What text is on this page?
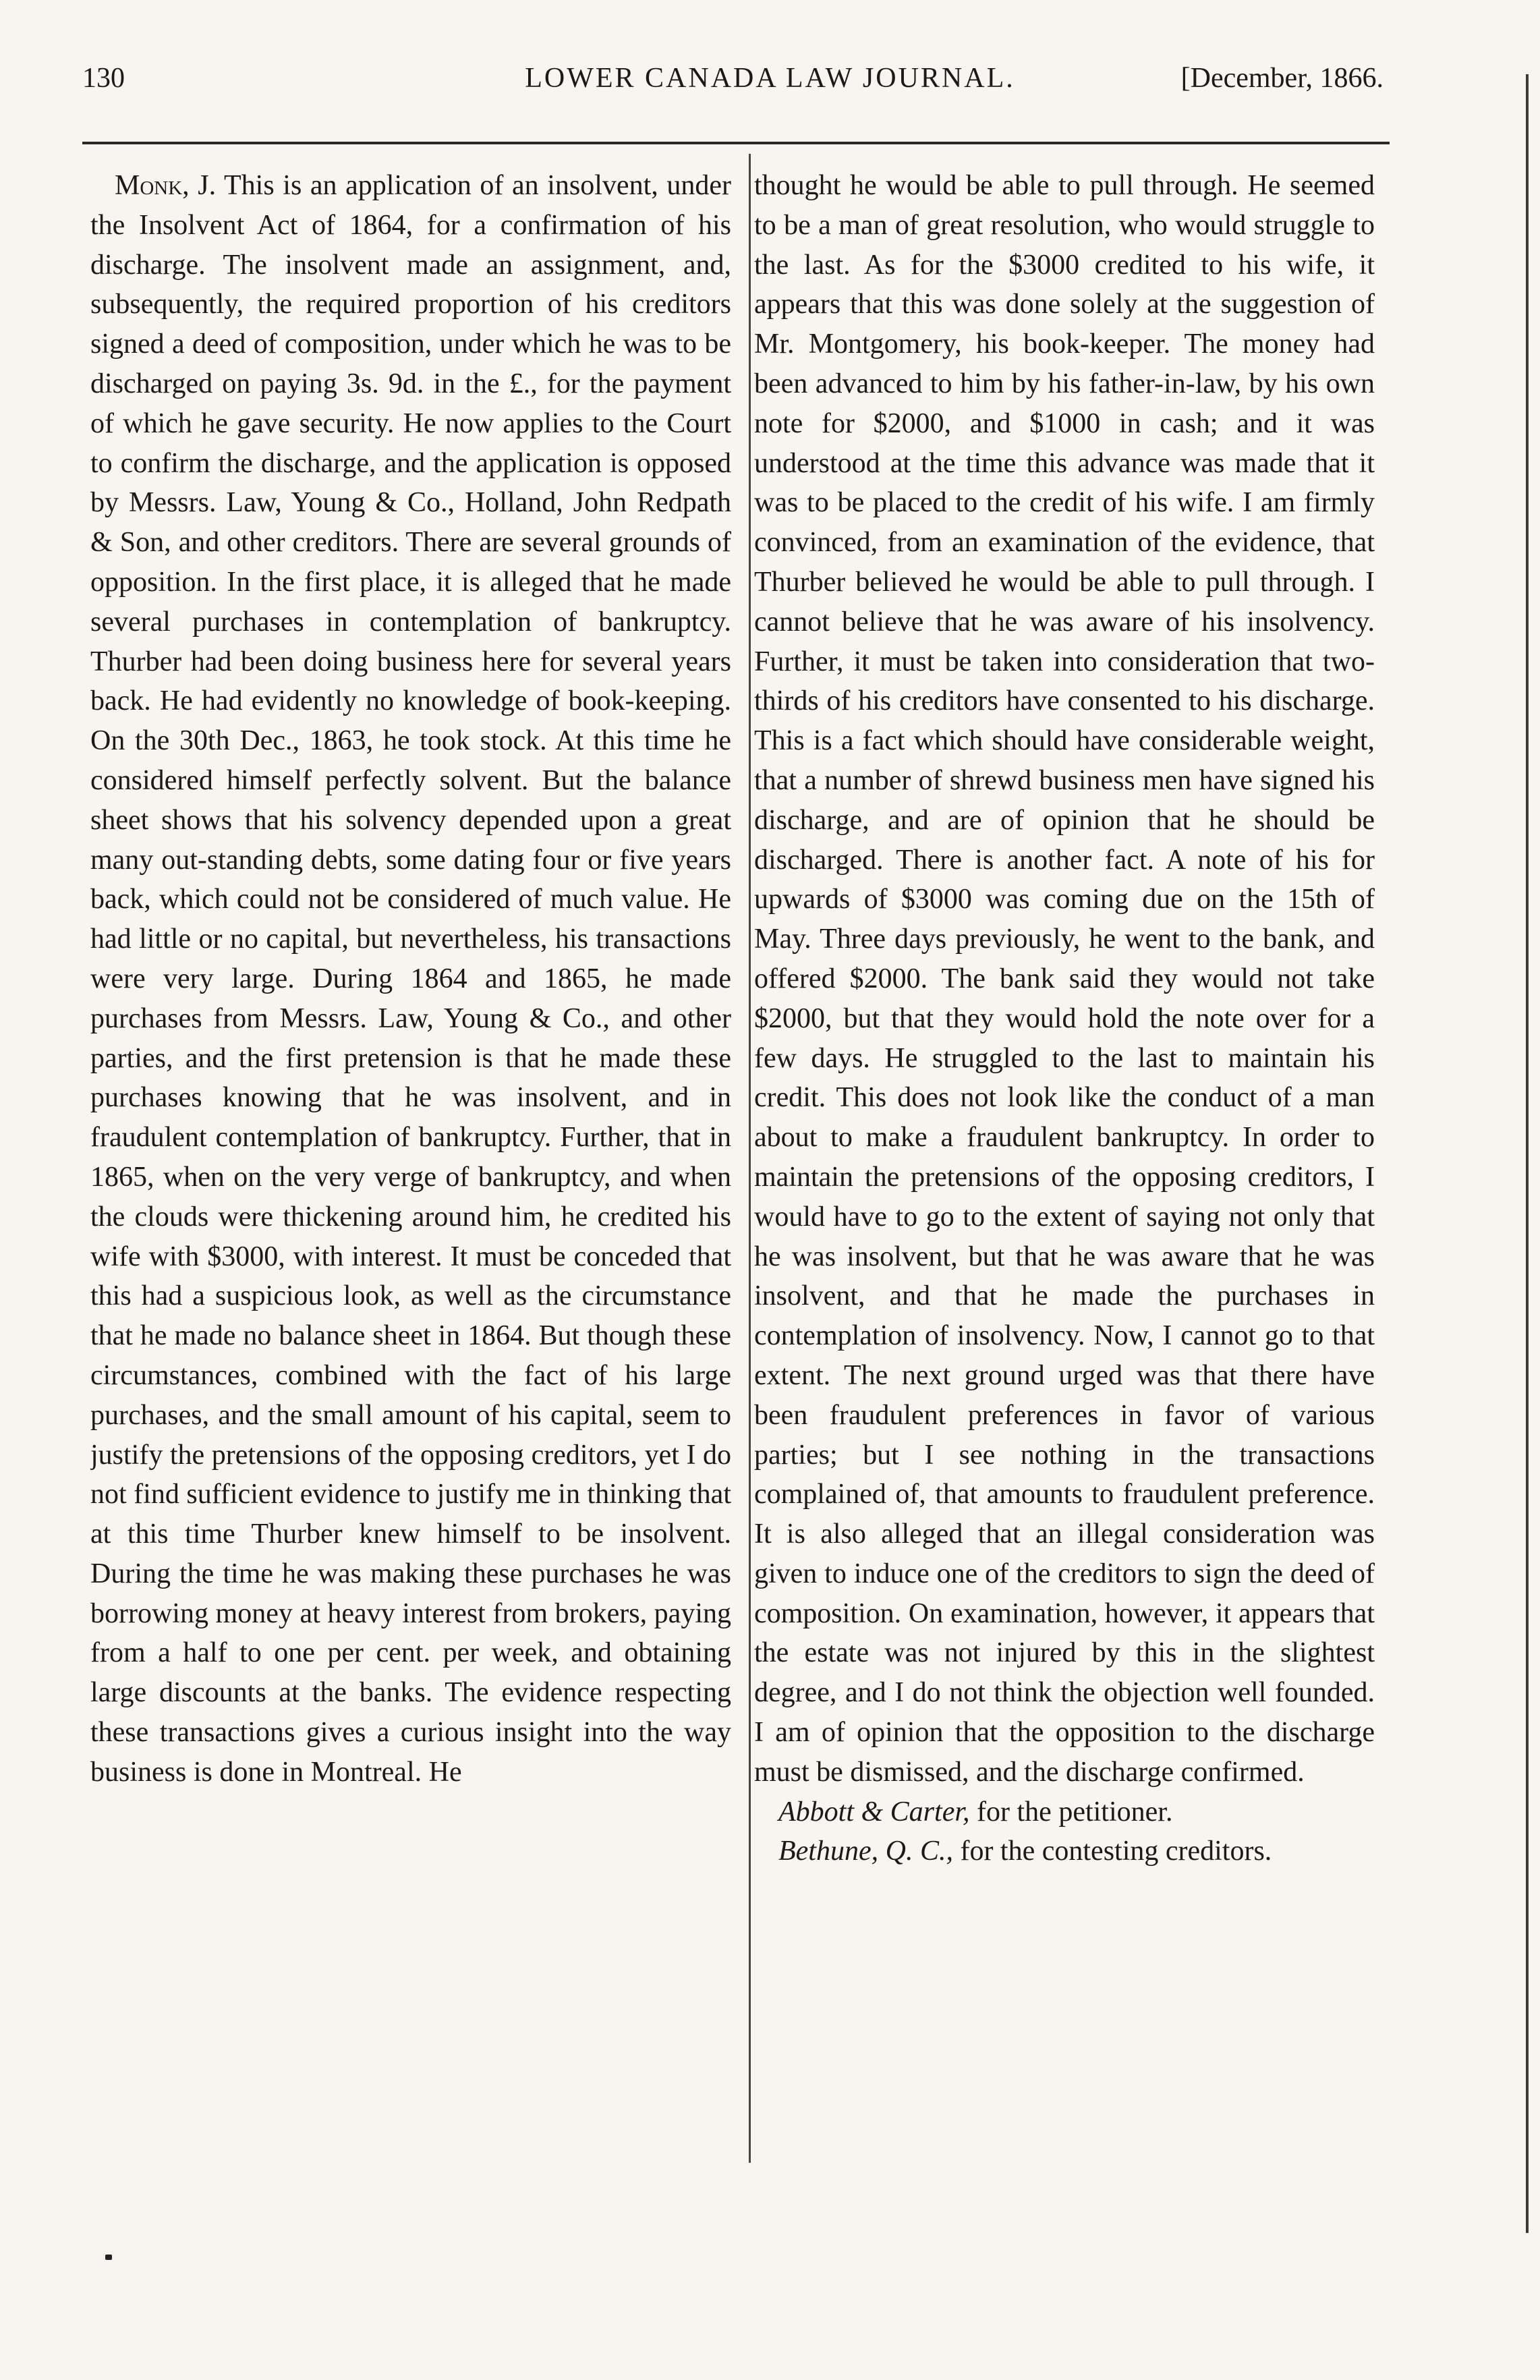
130	LOWER CANADA LAW JOURNAL.	[December, 1866.

Monk, J. This is an application of an insolvent, under the Insolvent Act of 1864, for a confirmation of his discharge. The insolvent made an assignment, and, subsequently, the required proportion of his creditors signed a deed of composition, under which he was to be discharged on paying 3s. 9d. in the £., for the payment of which he gave security. He now applies to the Court to confirm the discharge, and the application is opposed by Messrs. Law, Young & Co., Holland, John Redpath & Son, and other creditors. There are several grounds of opposition. In the first place, it is alleged that he made several purchases in contemplation of bankruptcy. Thurber had been doing business here for several years back. He had evidently no knowledge of book-keeping. On the 30th Dec., 1863, he took stock. At this time he considered himself perfectly solvent. But the balance sheet shows that his solvency depended upon a great many out-standing debts, some dating four or five years back, which could not be considered of much value. He had little or no capital, but nevertheless, his transactions were very large. During 1864 and 1865, he made purchases from Messrs. Law, Young & Co., and other parties, and the first pretension is that he made these purchases knowing that he was insolvent, and in fraudulent contemplation of bankruptcy. Further, that in 1865, when on the very verge of bankruptcy, and when the clouds were thickening around him, he credited his wife with $3000, with interest. It must be conceded that this had a suspicious look, as well as the circumstance that he made no balance sheet in 1864. But though these circumstances, combined with the fact of his large purchases, and the small amount of his capital, seem to justify the pretensions of the opposing creditors, yet I do not find sufficient evidence to justify me in thinking that at this time Thurber knew himself to be insolvent. During the time he was making these purchases he was borrowing money at heavy interest from brokers, paying from a half to one per cent. per week, and obtaining large discounts at the banks. The evidence respecting these transactions gives a curious insight into the way business is done in Montreal. He

thought he would be able to pull through. He seemed to be a man of great resolution, who would struggle to the last. As for the $3000 credited to his wife, it appears that this was done solely at the suggestion of Mr. Montgomery, his book-keeper. The money had been advanced to him by his father-in-law, by his own note for $2000, and $1000 in cash; and it was understood at the time this advance was made that it was to be placed to the credit of his wife. I am firmly convinced, from an examination of the evidence, that Thurber believed he would be able to pull through. I cannot believe that he was aware of his insolvency. Further, it must be taken into consideration that two-thirds of his creditors have consented to his discharge. This is a fact which should have considerable weight, that a number of shrewd business men have signed his discharge, and are of opinion that he should be discharged. There is another fact. A note of his for upwards of $3000 was coming due on the 15th of May. Three days previously, he went to the bank, and offered $2000. The bank said they would not take $2000, but that they would hold the note over for a few days. He struggled to the last to maintain his credit. This does not look like the conduct of a man about to make a fraudulent bankruptcy. In order to maintain the pretensions of the opposing creditors, I would have to go to the extent of saying not only that he was insolvent, but that he was aware that he was insolvent, and that he made the purchases in contemplation of insolvency. Now, I cannot go to that extent. The next ground urged was that there have been fraudulent preferences in favor of various parties; but I see nothing in the transactions complained of, that amounts to fraudulent preference. It is also alleged that an illegal consideration was given to induce one of the creditors to sign the deed of composition. On examination, however, it appears that the estate was not injured by this in the slightest degree, and I do not think the objection well founded. I am of opinion that the opposition to the discharge must be dismissed, and the discharge confirmed.

Abbott & Carter, for the petitioner.

Bethune, Q. C., for the contesting creditors.
